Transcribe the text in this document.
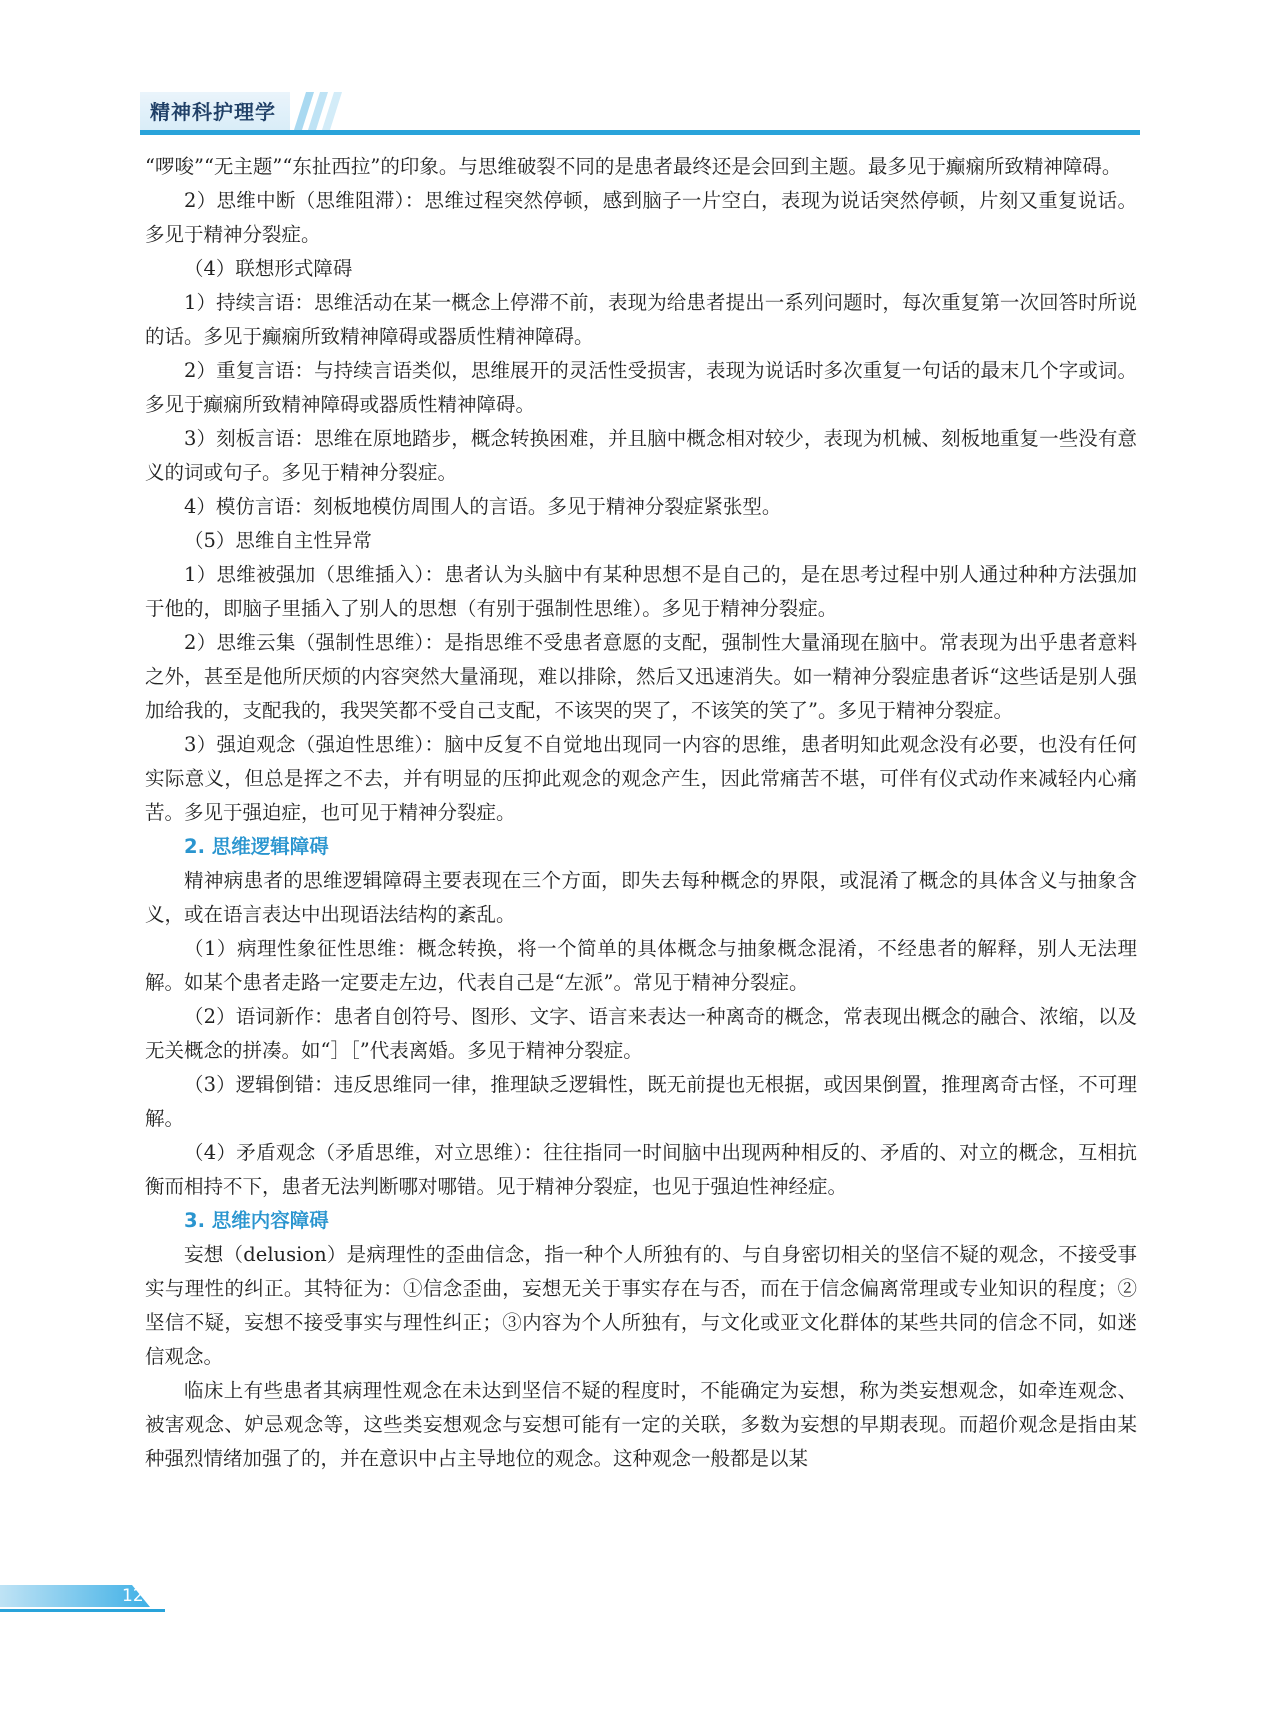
精神科护理学

“啰唆”“无主题”“东扯西拉”的印象。与思维破裂不同的是患者最终还是会回到主题。最多见于癫痫所致精神障碍。

2）思维中断（思维阻滞）：思维过程突然停顿，感到脑子一片空白，表现为说话突然停顿，片刻又重复说话。多见于精神分裂症。

（4）联想形式障碍

1）持续言语：思维活动在某一概念上停滞不前，表现为给患者提出一系列问题时，每次重复第一次回答时所说的话。多见于癫痫所致精神障碍或器质性精神障碍。

2）重复言语：与持续言语类似，思维展开的灵活性受损害，表现为说话时多次重复一句话的最末几个字或词。多见于癫痫所致精神障碍或器质性精神障碍。

3）刻板言语：思维在原地踏步，概念转换困难，并且脑中概念相对较少，表现为机械、刻板地重复一些没有意义的词或句子。多见于精神分裂症。

4）模仿言语：刻板地模仿周围人的言语。多见于精神分裂症紧张型。

（5）思维自主性异常

1）思维被强加（思维插入）：患者认为头脑中有某种思想不是自己的，是在思考过程中别人通过种种方法强加于他的，即脑子里插入了别人的思想（有别于强制性思维）。多见于精神分裂症。

2）思维云集（强制性思维）：是指思维不受患者意愿的支配，强制性大量涌现在脑中。常表现为出乎患者意料之外，甚至是他所厌烦的内容突然大量涌现，难以排除，然后又迅速消失。如一精神分裂症患者诉“这些话是别人强加给我的，支配我的，我哭笑都不受自己支配，不该哭的哭了，不该笑的笑了”。多见于精神分裂症。

3）强迫观念（强迫性思维）：脑中反复不自觉地出现同一内容的思维，患者明知此观念没有必要，也没有任何实际意义，但总是挥之不去，并有明显的压抑此观念的观念产生，因此常痛苦不堪，可伴有仪式动作来减轻内心痛苦。多见于强迫症，也可见于精神分裂症。

2. 思维逻辑障碍

精神病患者的思维逻辑障碍主要表现在三个方面，即失去每种概念的界限，或混淆了概念的具体含义与抽象含义，或在语言表达中出现语法结构的紊乱。

（1）病理性象征性思维：概念转换，将一个简单的具体概念与抽象概念混淆，不经患者的解释，别人无法理解。如某个患者走路一定要走左边，代表自己是“左派”。常见于精神分裂症。

（2）语词新作：患者自创符号、图形、文字、语言来表达一种离奇的概念，常表现出概念的融合、浓缩，以及无关概念的拼凑。如“］［”代表离婚。多见于精神分裂症。

（3）逻辑倒错：违反思维同一律，推理缺乏逻辑性，既无前提也无根据，或因果倒置，推理离奇古怪，不可理解。

（4）矛盾观念（矛盾思维，对立思维）：往往指同一时间脑中出现两种相反的、矛盾的、对立的概念，互相抗衡而相持不下，患者无法判断哪对哪错。见于精神分裂症，也见于强迫性神经症。

3. 思维内容障碍

妄想（delusion）是病理性的歪曲信念，指一种个人所独有的、与自身密切相关的坚信不疑的观念，不接受事实与理性的纠正。其特征为：①信念歪曲，妄想无关于事实存在与否，而在于信念偏离常理或专业知识的程度；②坚信不疑，妄想不接受事实与理性纠正；③内容为个人所独有，与文化或亚文化群体的某些共同的信念不同，如迷信观念。

临床上有些患者其病理性观念在未达到坚信不疑的程度时，不能确定为妄想，称为类妄想观念，如牵连观念、被害观念、妒忌观念等，这些类妄想观念与妄想可能有一定的关联，多数为妄想的早期表现。而超价观念是指由某种强烈情绪加强了的，并在意识中占主导地位的观念。这种观念一般都是以某

12
